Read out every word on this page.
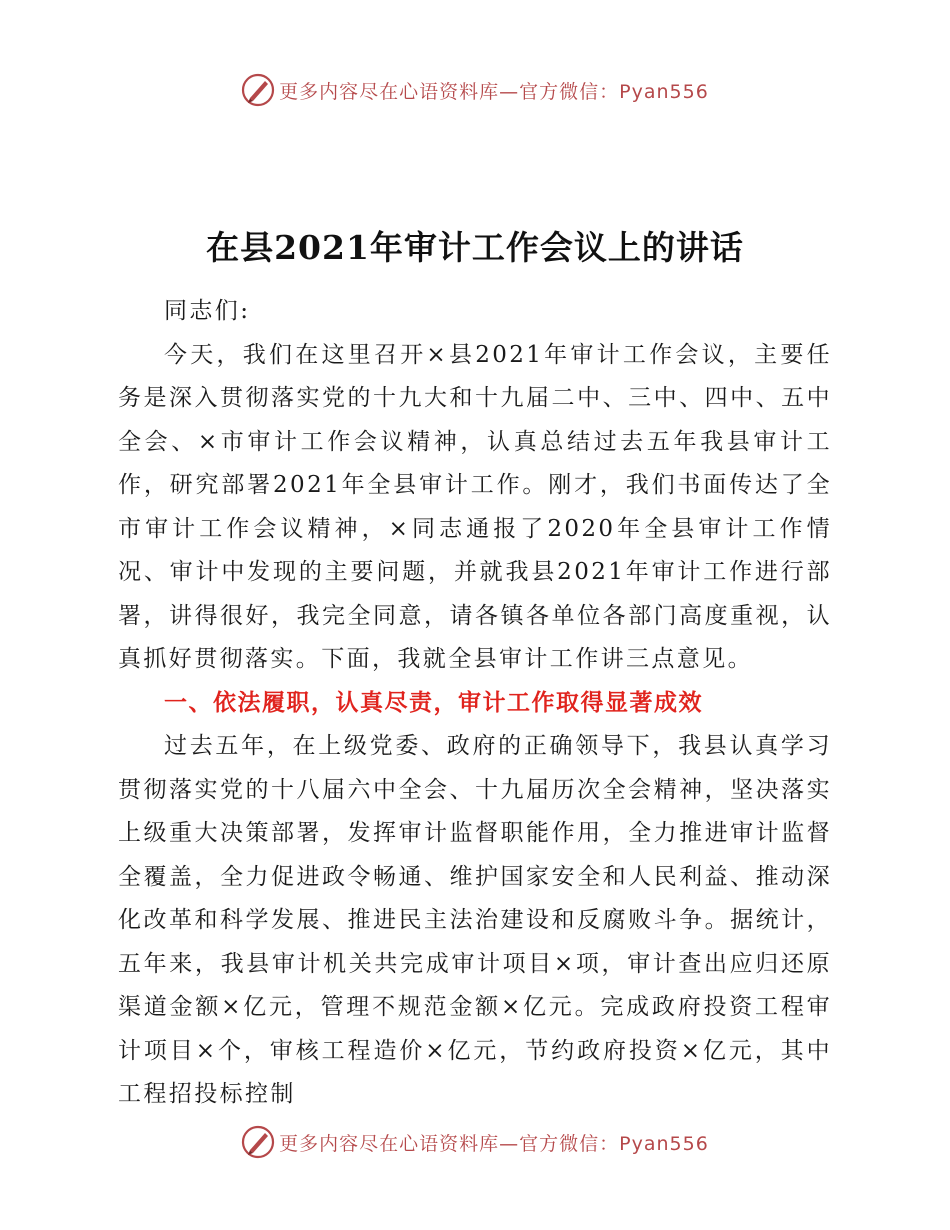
更多内容尽在心语资料库—官方微信：Pyan556
在县2021年审计工作会议上的讲话

同志们:

今天，我们在这里召开×县2021年审计工作会议，主要任务是深入贯彻落实党的十九大和十九届二中、三中、四中、五中全会、×市审计工作会议精神，认真总结过去五年我县审计工作，研究部署2021年全县审计工作。刚才，我们书面传达了全市审计工作会议精神，×同志通报了2020年全县审计工作情况、审计中发现的主要问题，并就我县2021年审计工作进行部署，讲得很好，我完全同意，请各镇各单位各部门高度重视，认真抓好贯彻落实。下面，我就全县审计工作讲三点意见。

一、依法履职，认真尽责，审计工作取得显著成效

过去五年，在上级党委、政府的正确领导下，我县认真学习贯彻落实党的十八届六中全会、十九届历次全会精神，坚决落实上级重大决策部署，发挥审计监督职能作用，全力推进审计监督全覆盖，全力促进政令畅通、维护国家安全和人民利益、推动深化改革和科学发展、推进民主法治建设和反腐败斗争。据统计，五年来，我县审计机关共完成审计项目×项，审计查出应归还原渠道金额×亿元，管理不规范金额×亿元。完成政府投资工程审计项目×个，审核工程造价×亿元，节约政府投资×亿元，其中工程招投标控制

更多内容尽在心语资料库—官方微信：Pyan556
